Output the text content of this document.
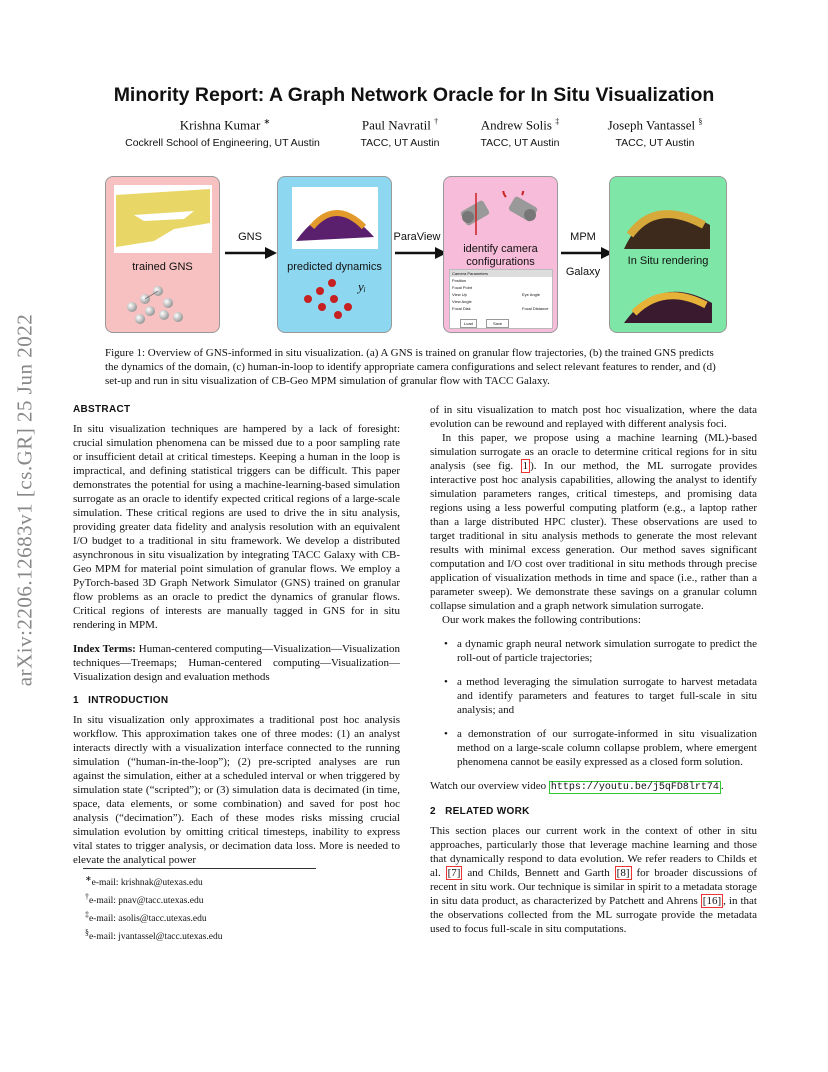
arXiv:2206.12683v1 [cs.GR] 25 Jun 2022
Minority Report: A Graph Network Oracle for In Situ Visualization
Krishna Kumar ∗
Cockrell School of Engineering, UT Austin
Paul Navratil †
TACC, UT Austin
Andrew Solis ‡
TACC, UT Austin
Joseph Vantassel §
TACC, UT Austin
trained GNS
GNS
predicted dynamics
yᵢ
ParaView
identify camera configurations
Camera Parameters
Position
Focal Point
View Up
View Angle
Focal Disk
Eye Angle
Focal Distance
Load	Save
MPM
Galaxy
In Situ rendering
Figure 1: Overview of GNS-informed in situ visualization. (a) A GNS is trained on granular flow trajectories, (b) the trained GNS predicts the dynamics of the domain, (c) human-in-loop to identify appropriate camera configurations and select relevant features to render, and (d) set-up and run in situ visualization of CB-Geo MPM simulation of granular flow with TACC Galaxy.
ABSTRACT

In situ visualization techniques are hampered by a lack of foresight: crucial simulation phenomena can be missed due to a poor sampling rate or insufficient detail at critical timesteps. Keeping a human in the loop is impractical, and defining statistical triggers can be difficult. This paper demonstrates the potential for using a machine-learning-based simulation surrogate as an oracle to identify expected critical regions of a large-scale simulation. These critical regions are used to drive the in situ analysis, providing greater data fidelity and analysis resolution with an equivalent I/O budget to a traditional in situ framework. We develop a distributed asynchronous in situ visualization by integrating TACC Galaxy with CB-Geo MPM for material point simulation of granular flows. We employ a PyTorch-based 3D Graph Network Simulator (GNS) trained on granular flow problems as an oracle to predict the dynamics of granular flows. Critical regions of interests are manually tagged in GNS for in situ rendering in MPM.

Index Terms: Human-centered computing—Visualization—Visualization techniques—Treemaps; Human-centered computing—Visualization—Visualization design and evaluation methods

1 INTRODUCTION

In situ visualization only approximates a traditional post hoc analysis workflow. This approximation takes one of three modes: (1) an analyst interacts directly with a visualization interface connected to the running simulation (“human-in-the-loop”); (2) pre-scripted analyses are run against the simulation, either at a scheduled interval or when triggered by simulation state (“scripted”); or (3) simulation data is decimated (in time, space, data elements, or some combination) and saved for post hoc analysis (“decimation”). Each of these modes risks missing crucial simulation evolution by omitting critical timesteps, inability to express vital states to trigger analysis, or decimation data loss. More is needed to elevate the analytical power

∗e-mail: krishnak@utexas.edu
†e-mail: pnav@tacc.utexas.edu
‡e-mail: asolis@tacc.utexas.edu
§e-mail: jvantassel@tacc.utexas.edu

of in situ visualization to match post hoc visualization, where the data evolution can be rewound and replayed with different analysis foci.

In this paper, we propose using a machine learning (ML)-based simulation surrogate as an oracle to determine critical regions for in situ analysis (see fig. 1 ). In our method, the ML surrogate provides interactive post hoc analysis capabilities, allowing the analyst to identify simulation parameters ranges, critical timesteps, and promising data regions using a less powerful computing platform (e.g., a laptop rather than a large distributed HPC cluster). These observations are used to target traditional in situ analysis methods to generate the most relevant results with minimal excess generation. Our method saves significant computation and I/O cost over traditional in situ methods through precise application of visualization methods in time and space (i.e., rather than a parameter sweep). We demonstrate these savings on a granular column collapse simulation and a graph network simulation surrogate.

Our work makes the following contributions:

• a dynamic graph neural network simulation surrogate to predict the roll-out of particle trajectories;
• a method leveraging the simulation surrogate to harvest metadata and identify parameters and features to target full-scale in situ analysis; and
• a demonstration of our surrogate-informed in situ visualization method on a large-scale column collapse problem, where emergent phenomena cannot be easily expressed as a closed form solution.

Watch our overview video https://youtu.be/j5qFD8lrt74 .

2 RELATED WORK

This section places our current work in the context of other in situ approaches, particularly those that leverage machine learning and those that dynamically respond to data evolution. We refer readers to Childs et al. [7] and Childs, Bennett and Garth [8] for broader discussions of recent in situ work. Our technique is similar in spirit to a metadata storage in situ data product, as characterized by Patchett and Ahrens [16] , in that the observations collected from the ML surrogate provide the metadata used to focus full-scale in situ computations.
